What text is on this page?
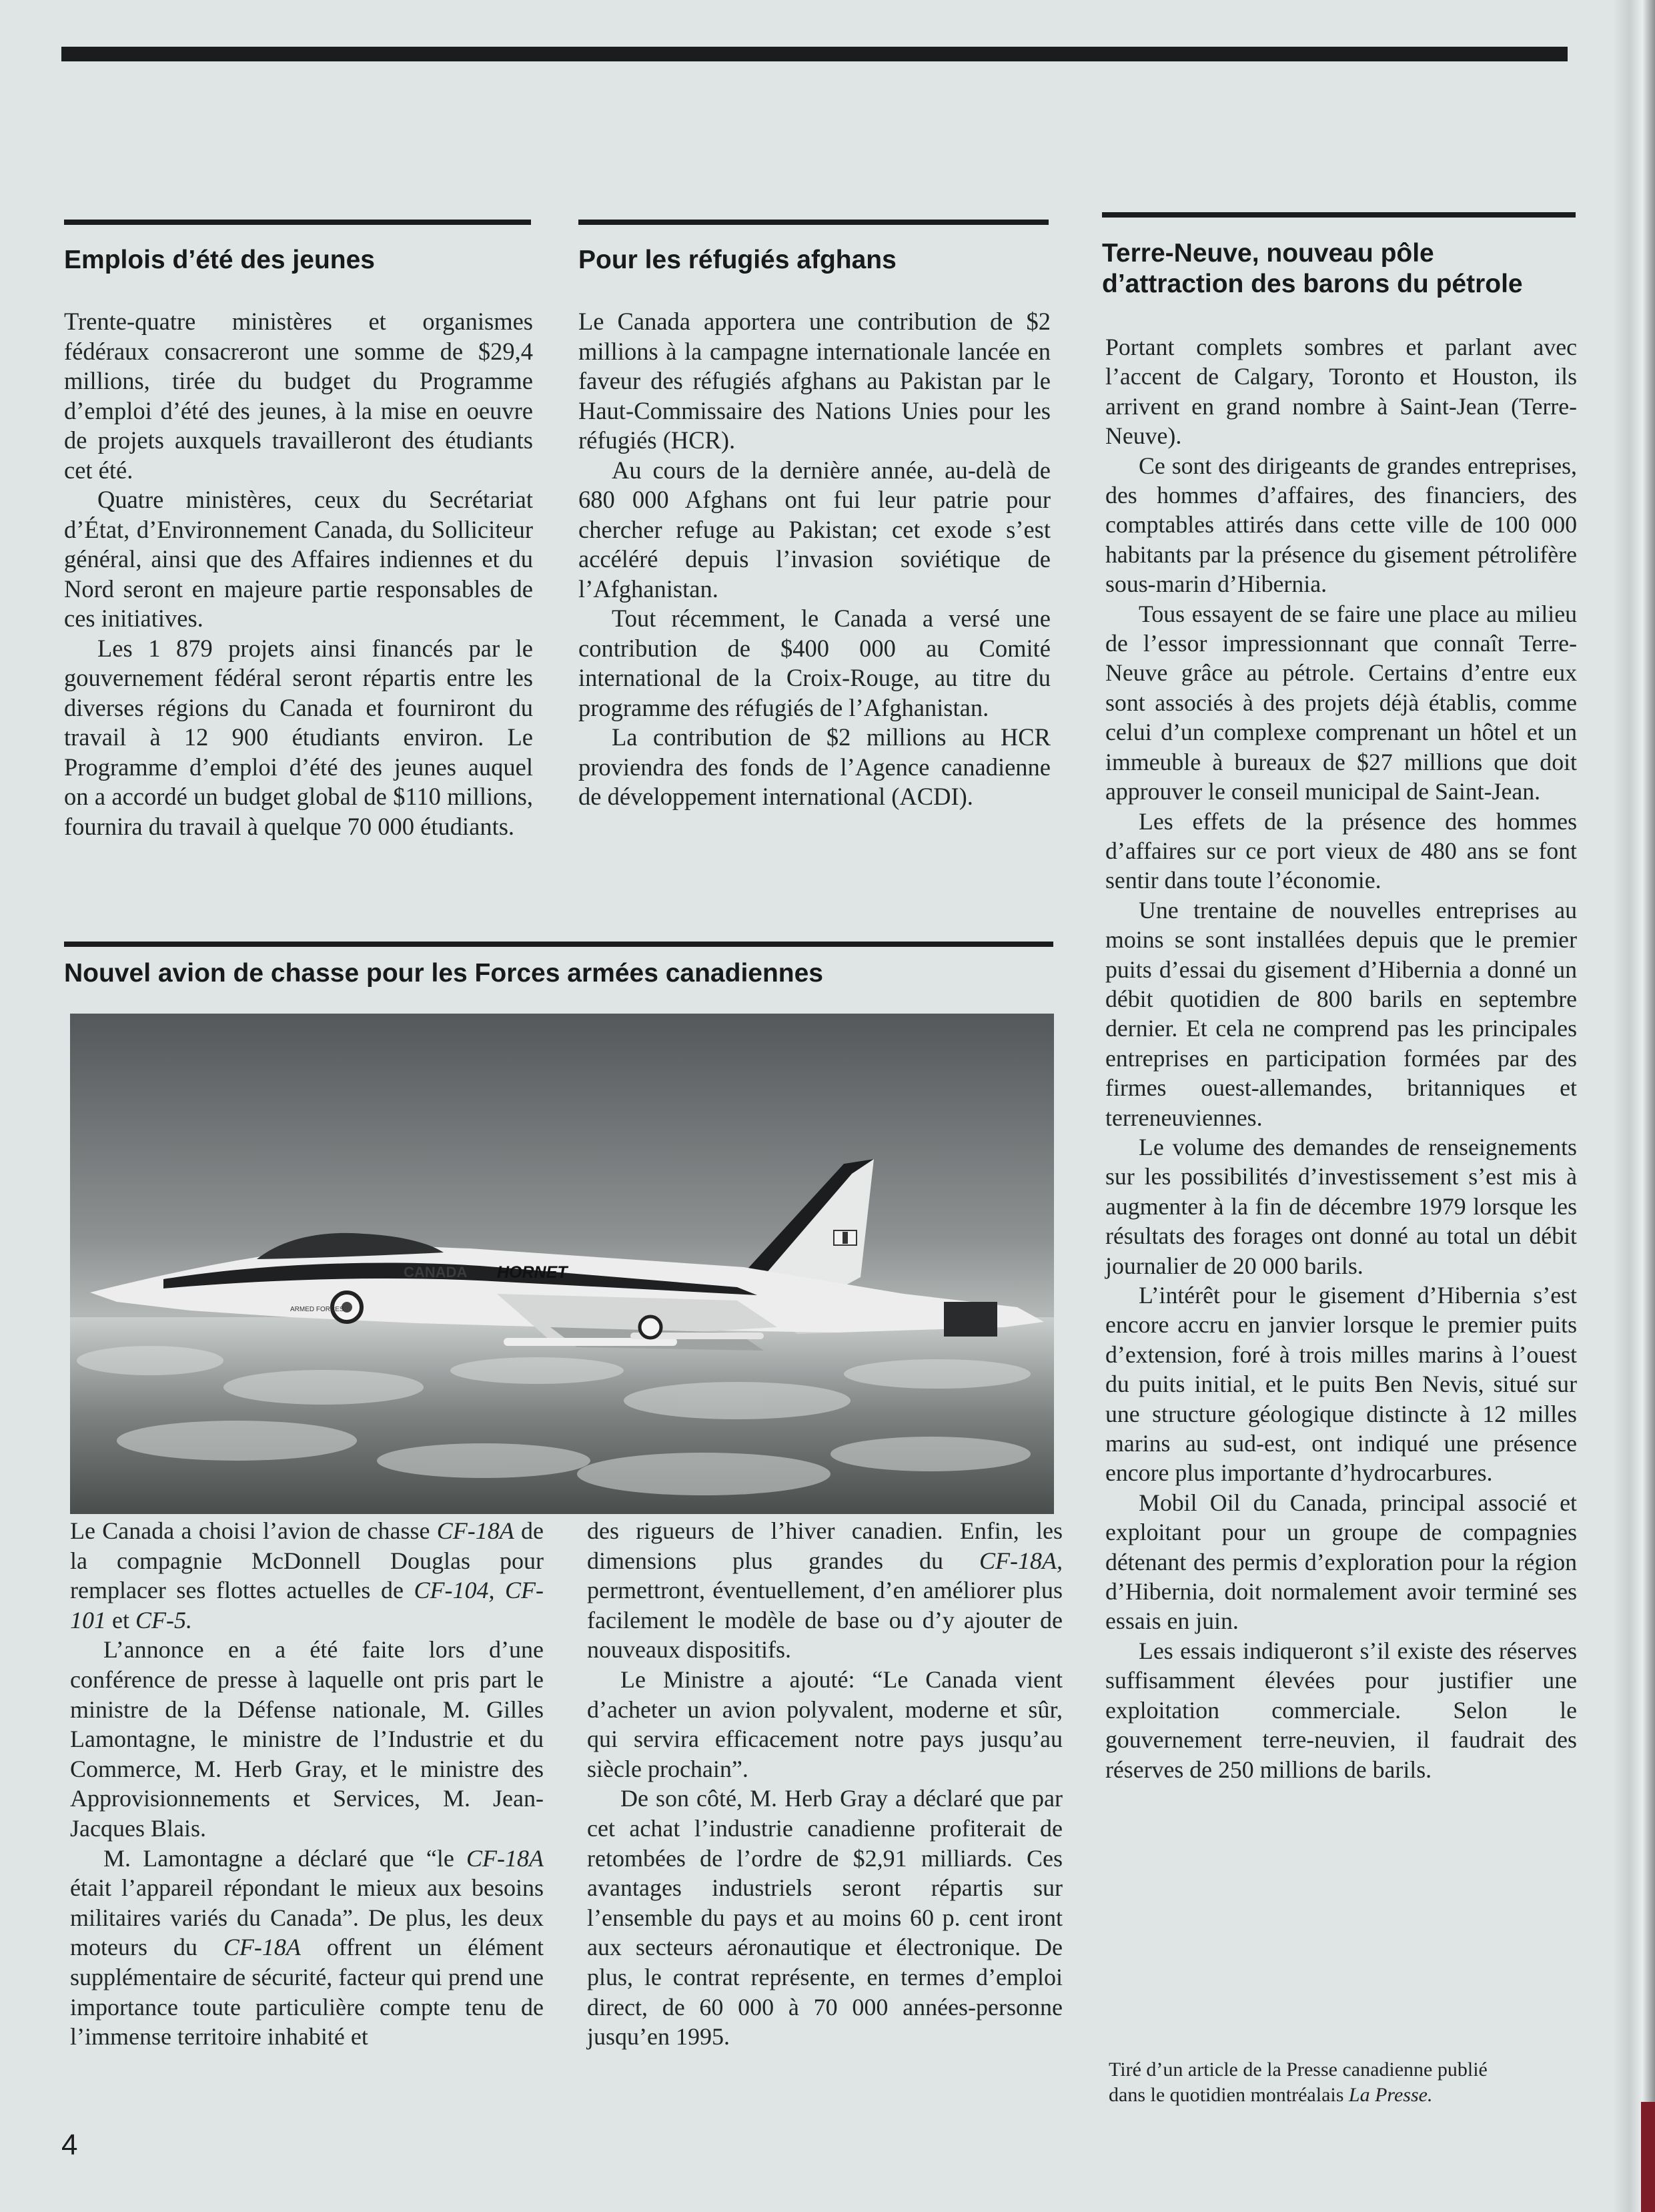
Emplois d’été des jeunes

Trente-quatre ministères et organismes fédéraux consacreront une somme de $29,4 millions, tirée du budget du Programme d’emploi d’été des jeunes, à la mise en oeuvre de projets auxquels travailleront des étudiants cet été.

Quatre ministères, ceux du Secrétariat d’État, d’Environnement Canada, du Solliciteur général, ainsi que des Affaires indiennes et du Nord seront en majeure partie responsables de ces initiatives.

Les 1 879 projets ainsi financés par le gouvernement fédéral seront répartis entre les diverses régions du Canada et fourniront du travail à 12 900 étudiants environ. Le Programme d’emploi d’été des jeunes auquel on a accordé un budget global de $110 millions, fournira du travail à quelque 70 000 étudiants.

Pour les réfugiés afghans

Le Canada apportera une contribution de $2 millions à la campagne internationale lancée en faveur des réfugiés afghans au Pakistan par le Haut-Commissaire des Nations Unies pour les réfugiés (HCR).

Au cours de la dernière année, au-delà de 680 000 Afghans ont fui leur patrie pour chercher refuge au Pakistan; cet exode s’est accéléré depuis l’invasion soviétique de l’Afghanistan.

Tout récemment, le Canada a versé une contribution de $400 000 au Comité international de la Croix-Rouge, au titre du programme des réfugiés de l’Afghanistan.

La contribution de $2 millions au HCR proviendra des fonds de l’Agence canadienne de développement international (ACDI).

Terre-Neuve, nouveau pôle d’attraction des barons du pétrole

Portant complets sombres et parlant avec l’accent de Calgary, Toronto et Houston, ils arrivent en grand nombre à Saint-Jean (Terre-Neuve).

Ce sont des dirigeants de grandes entreprises, des hommes d’affaires, des financiers, des comptables attirés dans cette ville de 100 000 habitants par la présence du gisement pétrolifère sous-marin d’Hibernia.

Tous essayent de se faire une place au milieu de l’essor impressionnant que connaît Terre-Neuve grâce au pétrole. Certains d’entre eux sont associés à des projets déjà établis, comme celui d’un complexe comprenant un hôtel et un immeuble à bureaux de $27 millions que doit approuver le conseil municipal de Saint-Jean.

Les effets de la présence des hommes d’affaires sur ce port vieux de 480 ans se font sentir dans toute l’économie.

Une trentaine de nouvelles entreprises au moins se sont installées depuis que le premier puits d’essai du gisement d’Hibernia a donné un débit quotidien de 800 barils en septembre dernier. Et cela ne comprend pas les principales entreprises en participation formées par des firmes ouest-allemandes, britanniques et terreneuviennes.

Le volume des demandes de renseignements sur les possibilités d’investissement s’est mis à augmenter à la fin de décembre 1979 lorsque les résultats des forages ont donné au total un débit journalier de 20 000 barils.

L’intérêt pour le gisement d’Hibernia s’est encore accru en janvier lorsque le premier puits d’extension, foré à trois milles marins à l’ouest du puits initial, et le puits Ben Nevis, situé sur une structure géologique distincte à 12 milles marins au sud-est, ont indiqué une présence encore plus importante d’hydrocarbures.

Mobil Oil du Canada, principal associé et exploitant pour un groupe de compagnies détenant des permis d’exploration pour la région d’Hibernia, doit normalement avoir terminé ses essais en juin.

Les essais indiqueront s’il existe des réserves suffisamment élevées pour justifier une exploitation commerciale. Selon le gouvernement terre-neuvien, il faudrait des réserves de 250 millions de barils.

Tiré d’un article de la Presse canadienne publié dans le quotidien montréalais La Presse.

Nouvel avion de chasse pour les Forces armées canadiennes
CANADA HORNET
ARMED FORCES

Le Canada a choisi l’avion de chasse CF-18A de la compagnie McDonnell Douglas pour remplacer ses flottes actuelles de CF-104, CF-101 et CF-5.

L’annonce en a été faite lors d’une conférence de presse à laquelle ont pris part le ministre de la Défense nationale, M. Gilles Lamontagne, le ministre de l’Industrie et du Commerce, M. Herb Gray, et le ministre des Approvisionnements et Services, M. Jean-Jacques Blais.

M. Lamontagne a déclaré que “le CF-18A était l’appareil répondant le mieux aux besoins militaires variés du Canada”. De plus, les deux moteurs du CF-18A offrent un élément supplémentaire de sécurité, facteur qui prend une importance toute particulière compte tenu de l’immense territoire inhabité et

des rigueurs de l’hiver canadien. Enfin, les dimensions plus grandes du CF-18A, permettront, éventuellement, d’en améliorer plus facilement le modèle de base ou d’y ajouter de nouveaux dispositifs.

Le Ministre a ajouté: “Le Canada vient d’acheter un avion polyvalent, moderne et sûr, qui servira efficacement notre pays jusqu’au siècle prochain”.

De son côté, M. Herb Gray a déclaré que par cet achat l’industrie canadienne profiterait de retombées de l’ordre de $2,91 milliards. Ces avantages industriels seront répartis sur l’ensemble du pays et au moins 60 p. cent iront aux secteurs aéronautique et électronique. De plus, le contrat représente, en termes d’emploi direct, de 60 000 à 70 000 années-personne jusqu’en 1995.

4
